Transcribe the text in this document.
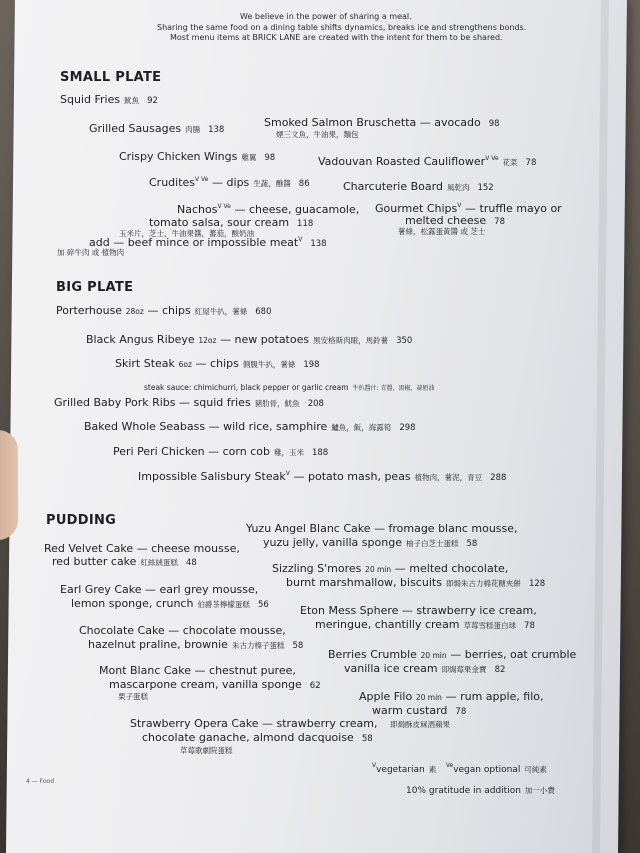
We believe in the power of sharing a meal.
Sharing the same food on a dining table shifts dynamics, breaks ice and strengthens bonds.
Most menu items at BRICK LANE are created with the intent for them to be shared.
SMALL PLATE
Squid Fries 魷魚 92
Smoked Salmon Bruschetta — avocado 98
煙三文魚，牛油果，麵包
Grilled Sausages 肉腸 138
Crispy Chicken Wings 雞翼 98	Vadouvan Roasted Cauliflower$^{V Ve}$ 花菜 78
Crudites$^{V Ve}$ — dips 生蔬，醮醬 86	Charcuterie Board 風乾肉 152
Nachos$^{V Ve}$ — cheese, guacamole,
tomato salsa, sour cream 118
玉米片，芝士，牛油果醬，蕃茄，酸奶油
Gourmet Chips$^V$ — truffle mayo or
melted cheese 78
薯條，松露蛋黃醬 或 芝士
add — beef mince or impossible meat$^V$ 138
加 碎牛肉 或 植物肉
BIG PLATE
Porterhouse 28oz — chips 紅屋牛扒，薯條 680
Black Angus Ribeye 12oz — new potatoes 黑安格斯肉眼，馬鈴薯 350
Skirt Steak 6oz — chips 側腹牛扒，薯條 198
steak sauce: chimichurri, black pepper or garlic cream 牛扒醬汁: 青醬，黑椒，蒜奶油
Grilled Baby Pork Ribs — squid fries 豬肋骨，魷魚 208
Baked Whole Seabass — wild rice, samphire 鱸魚，飯，海露筍 298
Peri Peri Chicken — corn cob 雞，玉米 188
Impossible Salisbury Steak$^V$ — potato mash, peas 植物肉，薯泥，青豆 288
PUDDING
Yuzu Angel Blanc Cake — fromage blanc mousse,
yuzu jelly, vanilla sponge 柚子白芝士蛋糕 58
Red Velvet Cake — cheese mousse,
red butter cake 紅絲絨蛋糕 48	Sizzling S'mores 20 min — melted chocolate,
burnt marshmallow, biscuits 即焗朱古力棉花糖夾餅 128
Earl Grey Cake — earl grey mousse,
lemon sponge, crunch 伯爵茶檸檬蛋糕 56	Eton Mess Sphere — strawberry ice cream,
meringue, chantilly cream 草莓雪糕蛋白球 78
Chocolate Cake — chocolate mousse,
hazelnut praline, brownie 朱古力榛子蛋糕 58
Berries Crumble 20 min — berries, oat crumble
vanilla ice cream 即焗莓果金寶 82
Mont Blanc Cake — chestnut puree,
mascarpone cream, vanilla sponge 62
栗子蛋糕	Apple Filo 20 min — rum apple, filo,
warm custard 78
即焗酥皮冧酒蘋果
Strawberry Opera Cake — strawberry cream,
chocolate ganache, almond dacquoise 58
草莓歌劇院蛋糕
$^V$vegetarian 素 $^{Ve}$vegan optional 可純素
10% gratitude in addition 加一小費
4 — Food
